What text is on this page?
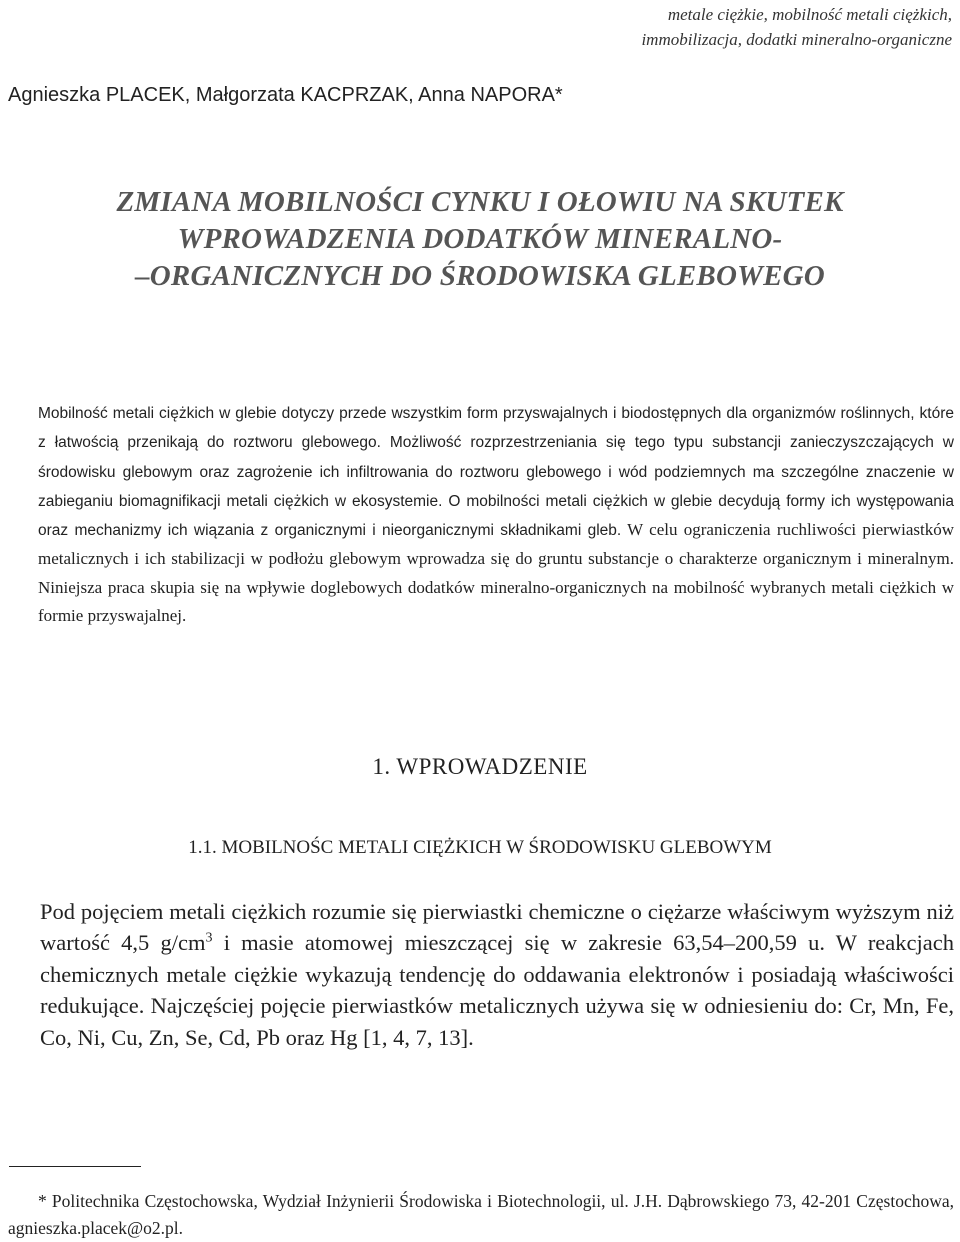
metale ciężkie, mobilność metali ciężkich,
immobilizacja, dodatki mineralno-organiczne
Agnieszka PLACEK, Małgorzata KACPRZAK, Anna NAPORA*
ZMIANA MOBILNOŚCI CYNKU I OŁOWIU NA SKUTEK
WPROWADZENIA DODATKÓW MINERALNO-
–ORGANICZNYCH DO ŚRODOWISKA GLEBOWEGO
Mobilność metali ciężkich w glebie dotyczy przede wszystkim form przyswajalnych i biodostępnych dla organizmów roślinnych, które z łatwością przenikają do roztworu glebowego. Możliwość rozprzestrzeniania się tego typu substancji zanieczyszczających w środowisku glebowym oraz zagrożenie ich infiltrowania do roztworu glebowego i wód podziemnych ma szczególne znaczenie w zabieganiu biomagnifikacji metali ciężkich w ekosystemie. O mobilności metali ciężkich w glebie decydują formy ich występowania oraz mechanizmy ich wiązania z organicznymi i nieorganicznymi składnikami gleb. W celu ograniczenia ruchliwości pierwiastków metalicznych i ich stabilizacji w podłożu glebowym wprowadza się do gruntu substancje o charakterze organicznym i mineralnym. Niniejsza praca skupia się na wpływie doglebowych dodatków mineralno-organicznych na mobilność wybranych metali ciężkich w formie przyswajalnej.
1. WPROWADZENIE
1.1. MOBILNOŚC METALI CIĘŻKICH W ŚRODOWISKU GLEBOWYM
Pod pojęciem metali ciężkich rozumie się pierwiastki chemiczne o ciężarze właściwym wyższym niż wartość 4,5 $g/cm^3$ i masie atomowej mieszczącej się w zakresie 63,54–200,59 u. W reakcjach chemicznych metale ciężkie wykazują tendencję do oddawania elektronów i posiadają właściwości redukujące. Najczęściej pojęcie pierwiastków metalicznych używa się w odniesieniu do: Cr, Mn, Fe, Co, Ni, Cu, Zn, Se, Cd, Pb oraz Hg [1, 4, 7, 13].
* Politechnika Częstochowska, Wydział Inżynierii Środowiska i Biotechnologii, ul. J.H. Dąbrowskiego 73, 42-201 Częstochowa, agnieszka.placek@o2.pl.
